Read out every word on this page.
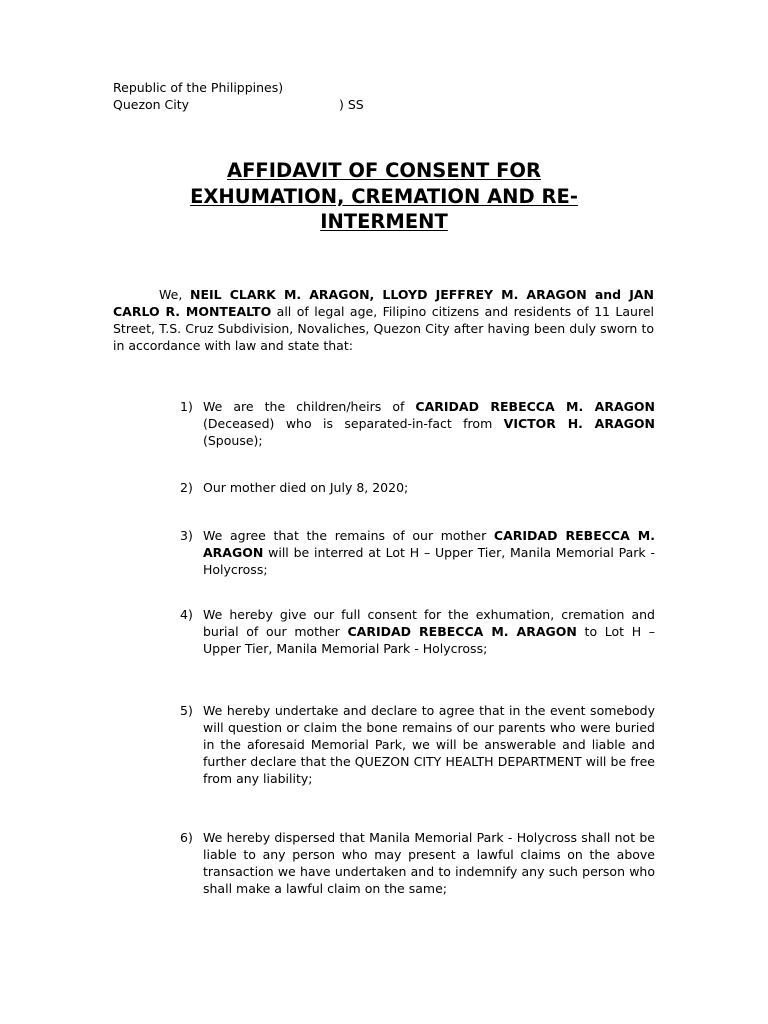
Republic of the Philippines)
Quezon City	) SS
AFFIDAVIT OF CONSENT FOR
EXHUMATION, CREMATION AND RE-
INTERMENT
We, NEIL CLARK M. ARAGON, LLOYD JEFFREY M. ARAGON and JAN CARLO R. MONTEALTO all of legal age, Filipino citizens and residents of 11 Laurel Street, T.S. Cruz Subdivision, Novaliches, Quezon City after having been duly sworn to in accordance with law and state that:
1) We are the children/heirs of CARIDAD REBECCA M. ARAGON (Deceased) who is separated-in-fact from VICTOR H. ARAGON (Spouse);
2) Our mother died on July 8, 2020;
3) We agree that the remains of our mother CARIDAD REBECCA M. ARAGON will be interred at Lot H – Upper Tier, Manila Memorial Park - Holycross;
4) We hereby give our full consent for the exhumation, cremation and burial of our mother CARIDAD REBECCA M. ARAGON to Lot H – Upper Tier, Manila Memorial Park - Holycross;
5) We hereby undertake and declare to agree that in the event somebody will question or claim the bone remains of our parents who were buried in the aforesaid Memorial Park, we will be answerable and liable and further declare that the QUEZON CITY HEALTH DEPARTMENT will be free from any liability;
6) We hereby dispersed that Manila Memorial Park - Holycross shall not be liable to any person who may present a lawful claims on the above transaction we have undertaken and to indemnify any such person who shall make a lawful claim on the same;
